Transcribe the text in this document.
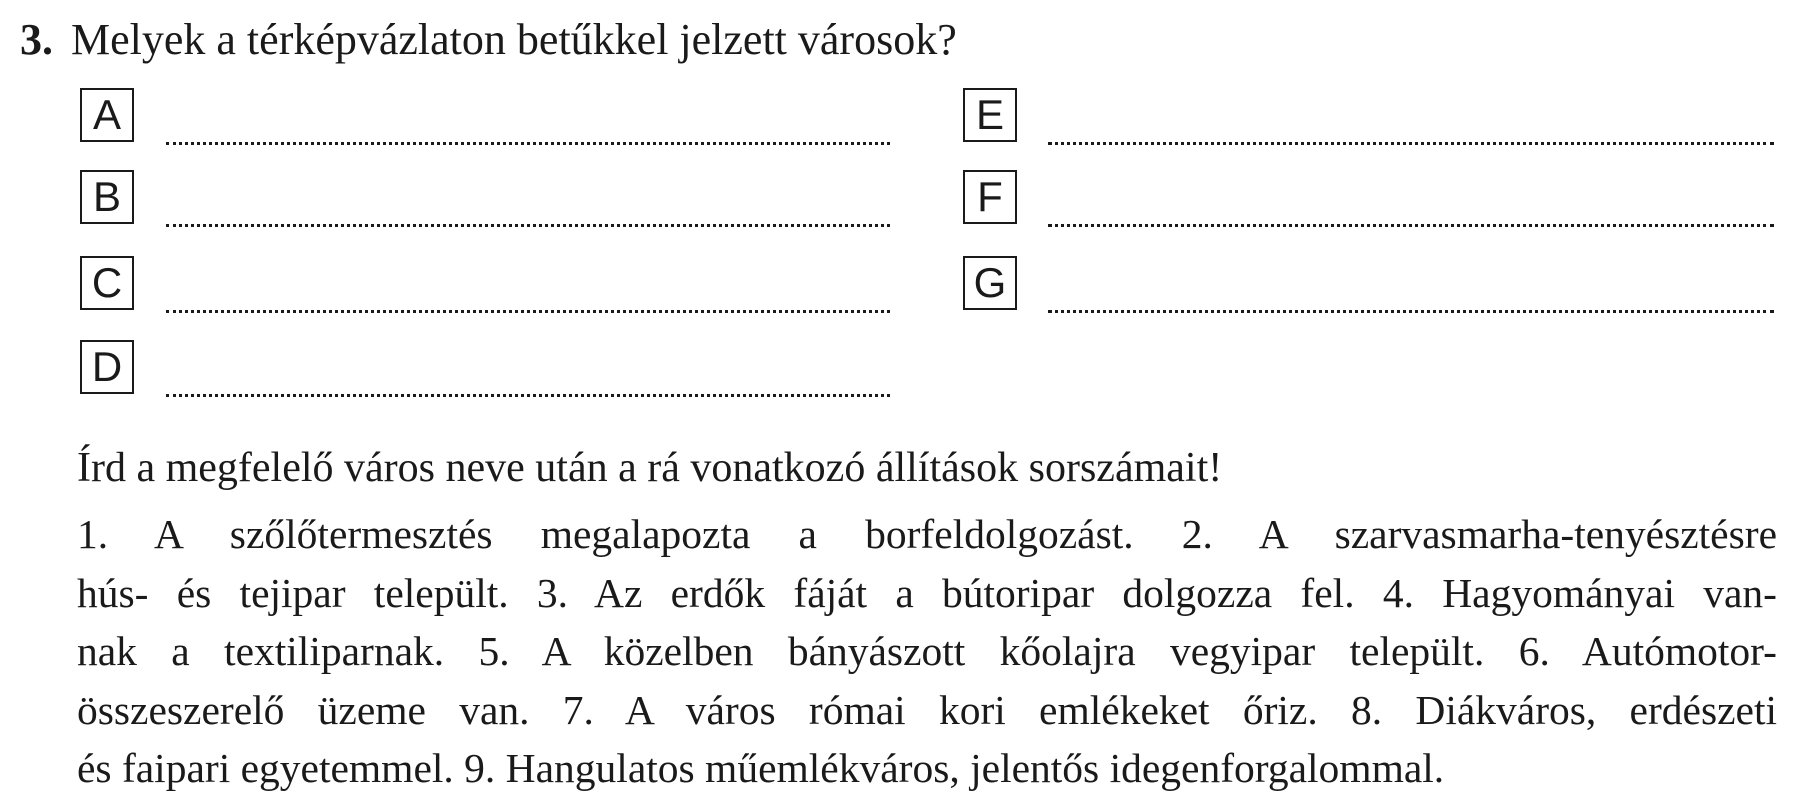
3. Melyek a térképvázlaton betűkkel jelzett városok?
A
B
C
D
E
F
G
Írd a megfelelő város neve után a rá vonatkozó állítások sorszámait!
1. A szőlőtermesztés megalapozta a borfeldolgozást. 2. A szarvasmarha-tenyésztésre
hús- és tejipar települt. 3. Az erdők fáját a bútoripar dolgozza fel. 4. Hagyományai van-
nak a textiliparnak. 5. A közelben bányászott kőolajra vegyipar települt. 6. Autómotor-
összeszerelő üzeme van. 7. A város római kori emlékeket őriz. 8. Diákváros, erdészeti
és faipari egyetemmel. 9. Hangulatos műemlékváros, jelentős idegenforgalommal.
